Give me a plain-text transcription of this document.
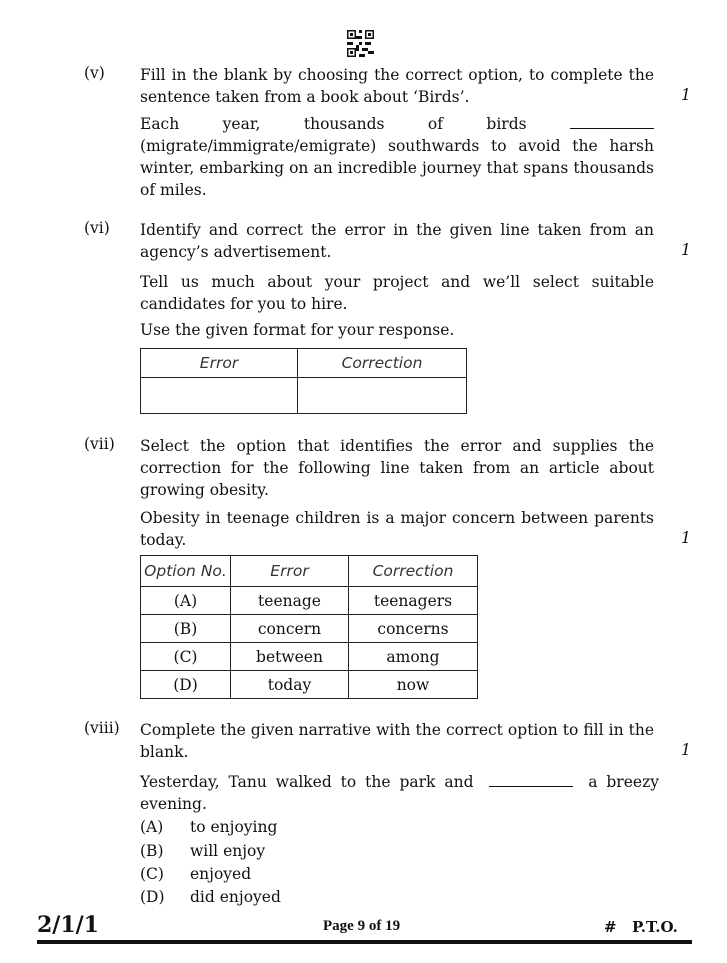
(v) Fill in the blank by choosing the correct option, to complete the sentence taken from a book about ‘Birds’.	1
Each	year,	thousands	of	birds
(migrate/immigrate/emigrate) southwards to avoid the harsh winter, embarking on an incredible journey that spans thousands of miles.
(vi) Identify and correct the error in the given line taken from an agency’s advertisement.	1
Tell us much about your project and we’ll select suitable candidates for you to hire.
Use the given format for your response.
Error	Correction

(vii) Select the option that identifies the error and supplies the correction for the following line taken from an article about growing obesity.
Obesity in teenage children is a major concern between parents today.	1
Option No.	Error	Correction
(A)	teenage	teenagers
(B)	concern	concerns
(C)	between	among
(D)	today	now
(viii) Complete the given narrative with the correct option to fill in the blank.	1
Yesterday, Tanu walked to the park and	a breezy
evening.
(A) to enjoying
(B) will enjoy
(C) enjoyed
(D) did enjoyed
2/1/1	Page 9 of 19	# P.T.O.
